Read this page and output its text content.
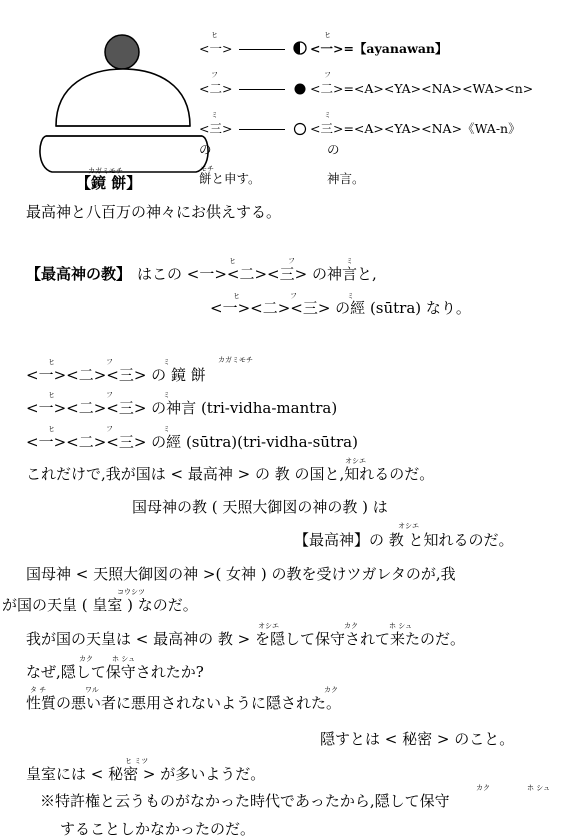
ヒ
<一>
ヒ
<一>=【ayanawan】
フ
<二>
フ
<二>=<A><YA><NA><WA><n>
ミ
<三>
ミ
<三>=<A><YA><NA>《WA-n》
の	の
カガミモチ
【鏡 餅】
モチ
餅と申す。	神言。
最高神と八百万の神々にお供えする。
【最高神の教】
ヒ	フ	ミ
はこの <一><二><三> の神言と,
ヒ	フ	ミ
<一><二><三> の經 (sūtra) なり。
ヒ	フ	ミ	カガミモチ
<一><二><三> の 鏡 餅
ヒ	フ	ミ
<一><二><三> の神言 (tri-vidha-mantra)
ヒ	フ	ミ
<一><二><三> の經 (sūtra)(tri-vidha-sūtra)
オシエ
これだけで,我が国は < 最高神 > の 教 の国と,知れるのだ。
国母神の教 ( 天照大御図の神の教 ) は
オシエ
【最高神】の 教 と知れるのだ。
国母神 < 天照大御図の神 >( 女神 ) の教を受けツガレタのが,我
コウシツ
が国の天皇 ( 皇室 ) なのだ。
オシエ	カク	ホ シュ
我が国の天皇は < 最高神の 教 > を隠して保守されて来たのだ。
カク	ホ シュ
なぜ,隠して保守されたか?
タ チ	ワル	カク
性質の悪い者に悪用されないように隠された。
隠すとは < 秘密 > のこと。
ヒ ミツ
皇室には < 秘密 > が多いようだ。
カク	ホ シュ
※特許権と云うものがなかった時代であったから,隠して保守
することしかなかったのだ。
